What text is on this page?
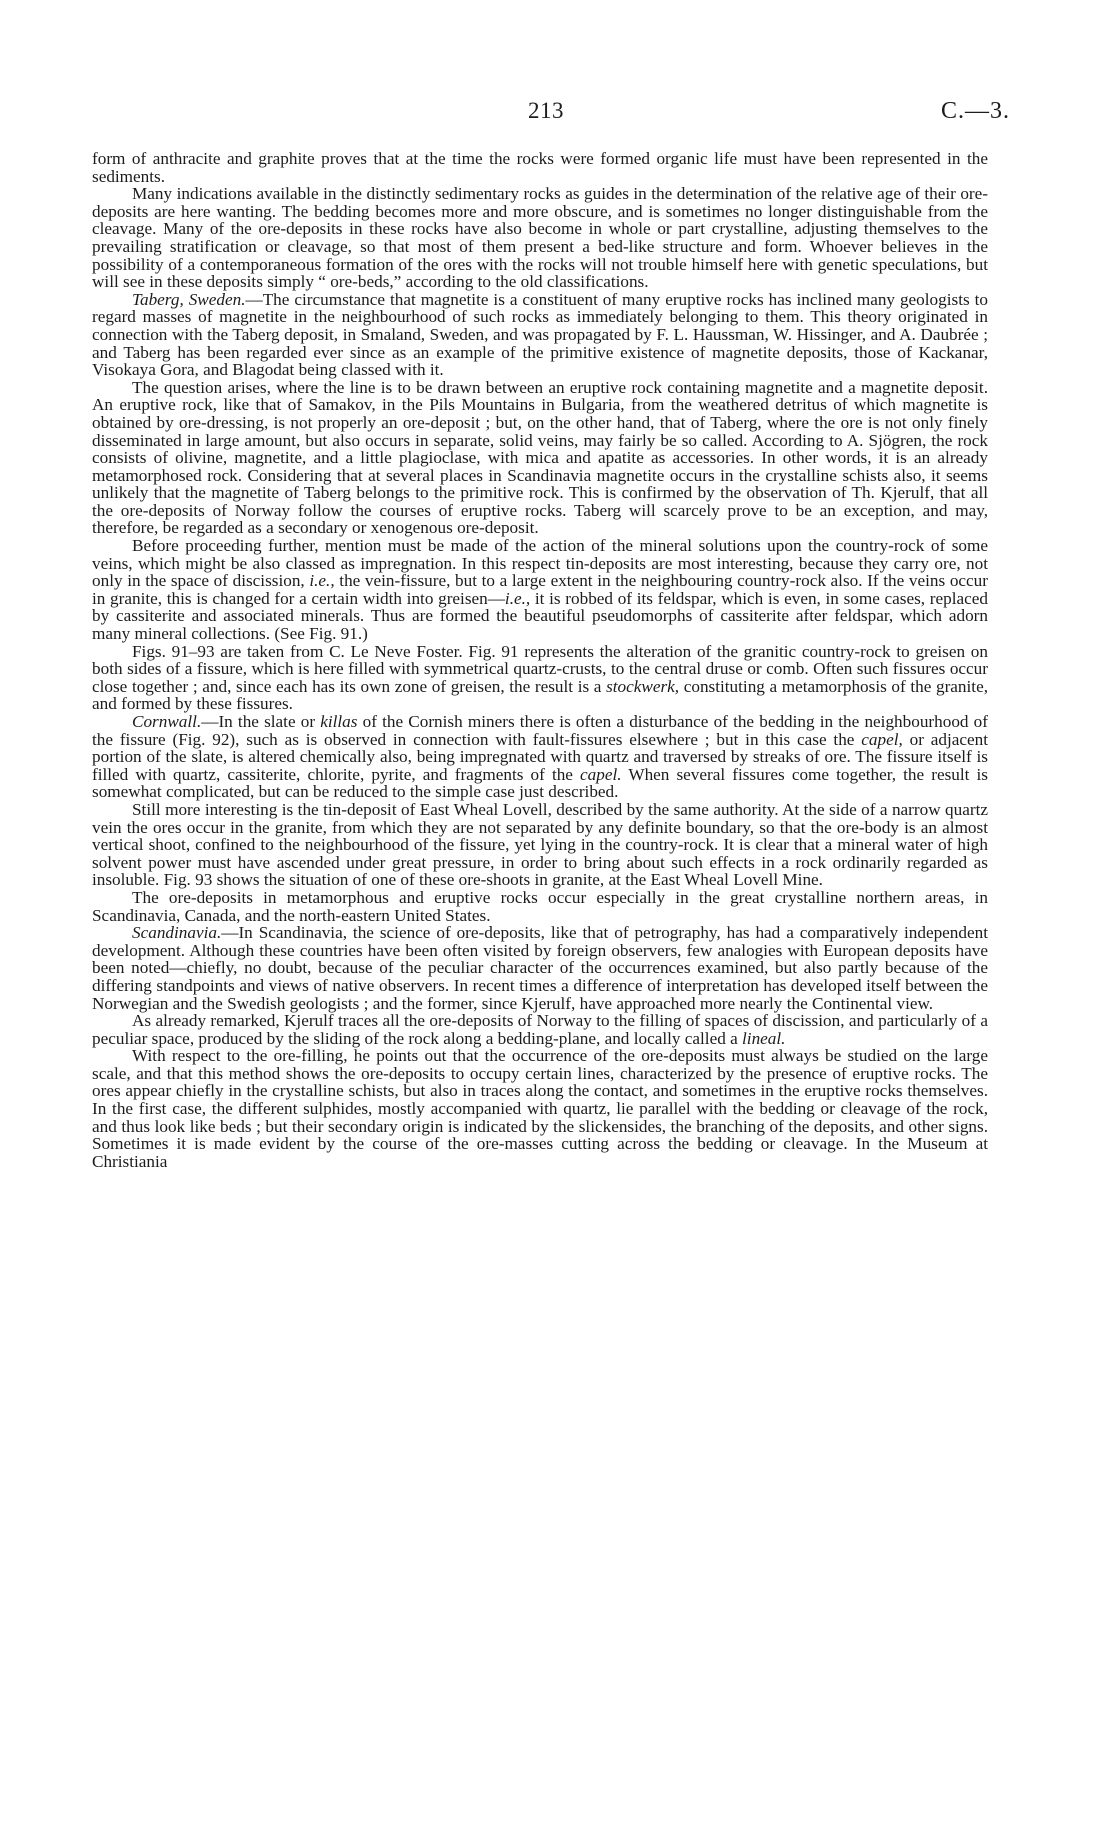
213	C.—3.

form of anthracite and graphite proves that at the time the rocks were formed organic life must have been represented in the sediments.

Many indications available in the distinctly sedimentary rocks as guides in the determination of the relative age of their ore-deposits are here wanting. The bedding becomes more and more obscure, and is sometimes no longer distinguishable from the cleavage. Many of the ore-deposits in these rocks have also become in whole or part crystalline, adjusting themselves to the prevailing stratification or cleavage, so that most of them present a bed-like structure and form. Whoever believes in the possibility of a contemporaneous formation of the ores with the rocks will not trouble himself here with genetic speculations, but will see in these deposits simply “ ore-beds,” according to the old classifications.

Taberg, Sweden.—The circumstance that magnetite is a constituent of many eruptive rocks has inclined many geologists to regard masses of magnetite in the neighbourhood of such rocks as immediately belonging to them. This theory originated in connection with the Taberg deposit, in Smaland, Sweden, and was propagated by F. L. Haussman, W. Hissinger, and A. Daubrée ; and Taberg has been regarded ever since as an example of the primitive existence of magnetite deposits, those of Kackanar, Visokaya Gora, and Blagodat being classed with it.

The question arises, where the line is to be drawn between an eruptive rock containing magnetite and a magnetite deposit. An eruptive rock, like that of Samakov, in the Pils Mountains in Bulgaria, from the weathered detritus of which magnetite is obtained by ore-dressing, is not properly an ore-deposit ; but, on the other hand, that of Taberg, where the ore is not only finely disseminated in large amount, but also occurs in separate, solid veins, may fairly be so called. According to A. Sjögren, the rock consists of olivine, magnetite, and a little plagioclase, with mica and apatite as accessories. In other words, it is an already metamorphosed rock. Considering that at several places in Scandinavia magnetite occurs in the crystalline schists also, it seems unlikely that the magnetite of Taberg belongs to the primitive rock. This is confirmed by the observation of Th. Kjerulf, that all the ore-deposits of Norway follow the courses of eruptive rocks. Taberg will scarcely prove to be an exception, and may, therefore, be regarded as a secondary or xenogenous ore-deposit.

Before proceeding further, mention must be made of the action of the mineral solutions upon the country-rock of some veins, which might be also classed as impregnation. In this respect tin-deposits are most interesting, because they carry ore, not only in the space of discission, i.e., the vein-fissure, but to a large extent in the neighbouring country-rock also. If the veins occur in granite, this is changed for a certain width into greisen—i.e., it is robbed of its feldspar, which is even, in some cases, replaced by cassiterite and associated minerals. Thus are formed the beautiful pseudomorphs of cassiterite after feldspar, which adorn many mineral collections. (See Fig. 91.)

Figs. 91–93 are taken from C. Le Neve Foster. Fig. 91 represents the alteration of the granitic country-rock to greisen on both sides of a fissure, which is here filled with symmetrical quartz-crusts, to the central druse or comb. Often such fissures occur close together ; and, since each has its own zone of greisen, the result is a stockwerk, constituting a metamorphosis of the granite, and formed by these fissures.

Cornwall.—In the slate or killas of the Cornish miners there is often a disturbance of the bedding in the neighbourhood of the fissure (Fig. 92), such as is observed in connection with fault-fissures elsewhere ; but in this case the capel, or adjacent portion of the slate, is altered chemically also, being impregnated with quartz and traversed by streaks of ore. The fissure itself is filled with quartz, cassiterite, chlorite, pyrite, and fragments of the capel. When several fissures come together, the result is somewhat complicated, but can be reduced to the simple case just described.

Still more interesting is the tin-deposit of East Wheal Lovell, described by the same authority. At the side of a narrow quartz vein the ores occur in the granite, from which they are not separated by any definite boundary, so that the ore-body is an almost vertical shoot, confined to the neighbourhood of the fissure, yet lying in the country-rock. It is clear that a mineral water of high solvent power must have ascended under great pressure, in order to bring about such effects in a rock ordinarily regarded as insoluble. Fig. 93 shows the situation of one of these ore-shoots in granite, at the East Wheal Lovell Mine.

The ore-deposits in metamorphous and eruptive rocks occur especially in the great crystalline northern areas, in Scandinavia, Canada, and the north-eastern United States.

Scandinavia.—In Scandinavia, the science of ore-deposits, like that of petrography, has had a comparatively independent development. Although these countries have been often visited by foreign observers, few analogies with European deposits have been noted—chiefly, no doubt, because of the peculiar character of the occurrences examined, but also partly because of the differing standpoints and views of native observers. In recent times a difference of interpretation has developed itself between the Norwegian and the Swedish geologists ; and the former, since Kjerulf, have approached more nearly the Continental view.

As already remarked, Kjerulf traces all the ore-deposits of Norway to the filling of spaces of discission, and particularly of a peculiar space, produced by the sliding of the rock along a bedding-plane, and locally called a lineal.

With respect to the ore-filling, he points out that the occurrence of the ore-deposits must always be studied on the large scale, and that this method shows the ore-deposits to occupy certain lines, characterized by the presence of eruptive rocks. The ores appear chiefly in the crystalline schists, but also in traces along the contact, and sometimes in the eruptive rocks themselves. In the first case, the different sulphides, mostly accompanied with quartz, lie parallel with the bedding or cleavage of the rock, and thus look like beds ; but their secondary origin is indicated by the slickensides, the branching of the deposits, and other signs. Sometimes it is made evident by the course of the ore-masses cutting across the bedding or cleavage. In the Museum at Christiania
